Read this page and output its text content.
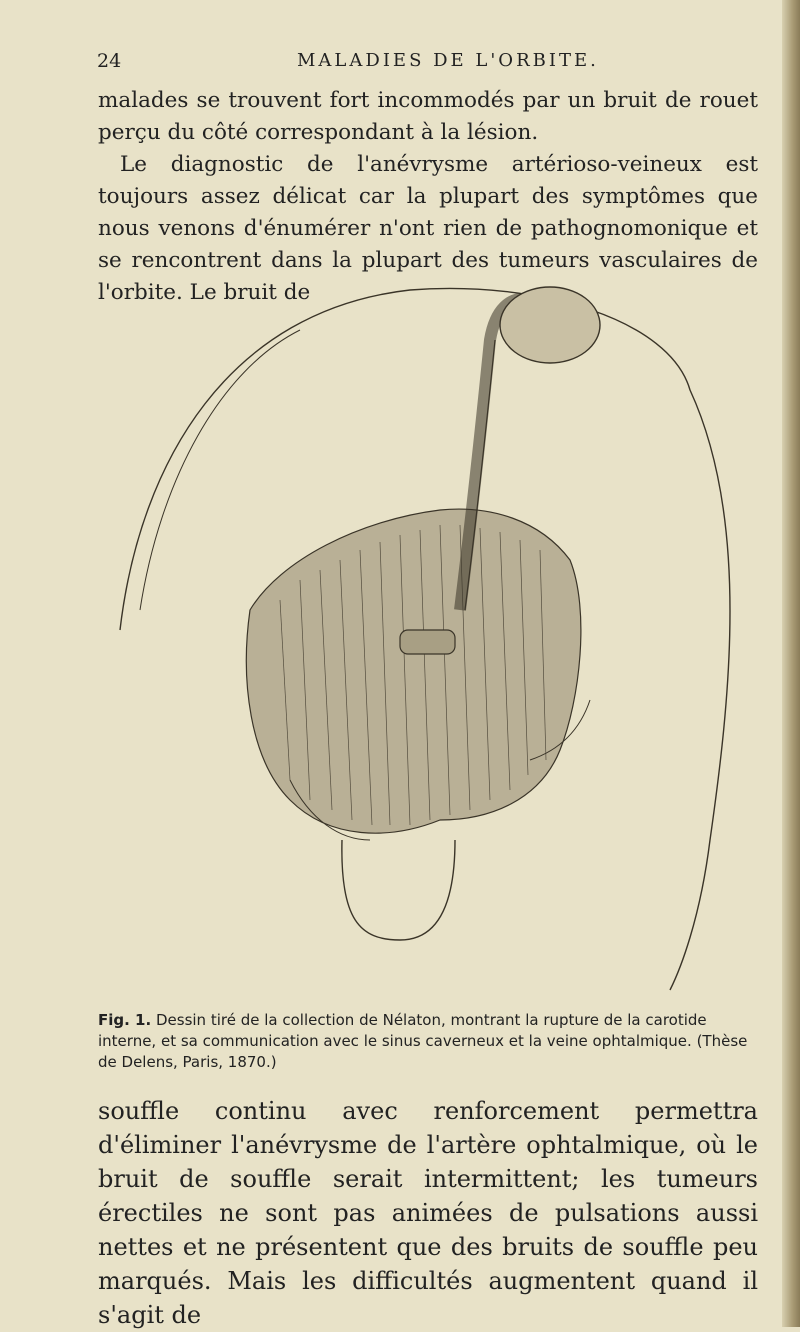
24	MALADIES DE L'ORBITE.

malades se trouvent fort incommodés par un bruit de rouet perçu du côté correspondant à la lésion.
Le diagnostic de l'anévrysme artérioso-veineux est toujours assez délicat car la plupart des symptômes que nous venons d'énumérer n'ont rien de pathognomonique et se rencontrent dans la plupart des tumeurs vasculaires de l'orbite. Le bruit de

Fig. 1. Dessin tiré de la collection de Nélaton, montrant la rupture de la carotide interne, et sa communication avec le sinus caverneux et la veine ophtalmique. (Thèse de Delens, Paris, 1870.)

souffle continu avec renforcement permettra d'éliminer l'anévrysme de l'artère ophtalmique, où le bruit de souffle serait intermittent; les tumeurs érectiles ne sont pas animées de pulsations aussi nettes et ne présentent que des bruits de souffle peu marqués. Mais les difficultés augmentent quand il s'agit de
